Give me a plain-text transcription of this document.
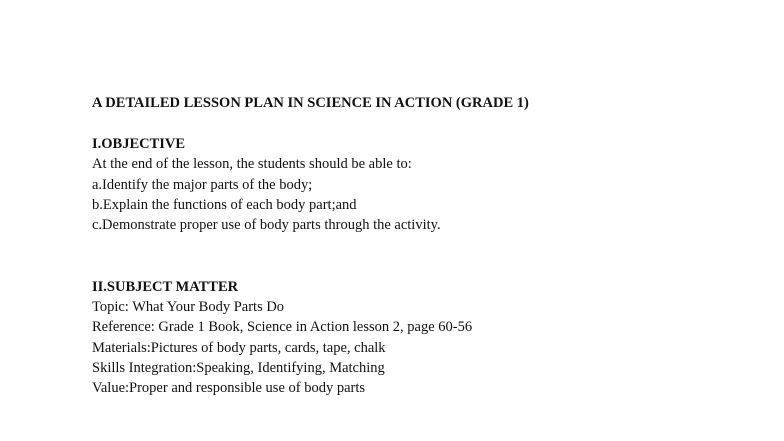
A DETAILED LESSON PLAN IN SCIENCE IN ACTION (GRADE 1)
I.OBJECTIVE
At the end of the lesson, the students should be able to:
a.Identify the major parts of the body;
b.Explain the functions of each body part;and
c.Demonstrate proper use of body parts through the activity.
II.SUBJECT MATTER
Topic: What Your Body Parts Do
Reference: Grade 1 Book, Science in Action lesson 2, page 60-56
Materials:Pictures of body parts, cards, tape, chalk
Skills Integration:Speaking, Identifying, Matching
Value:Proper and responsible use of body parts
